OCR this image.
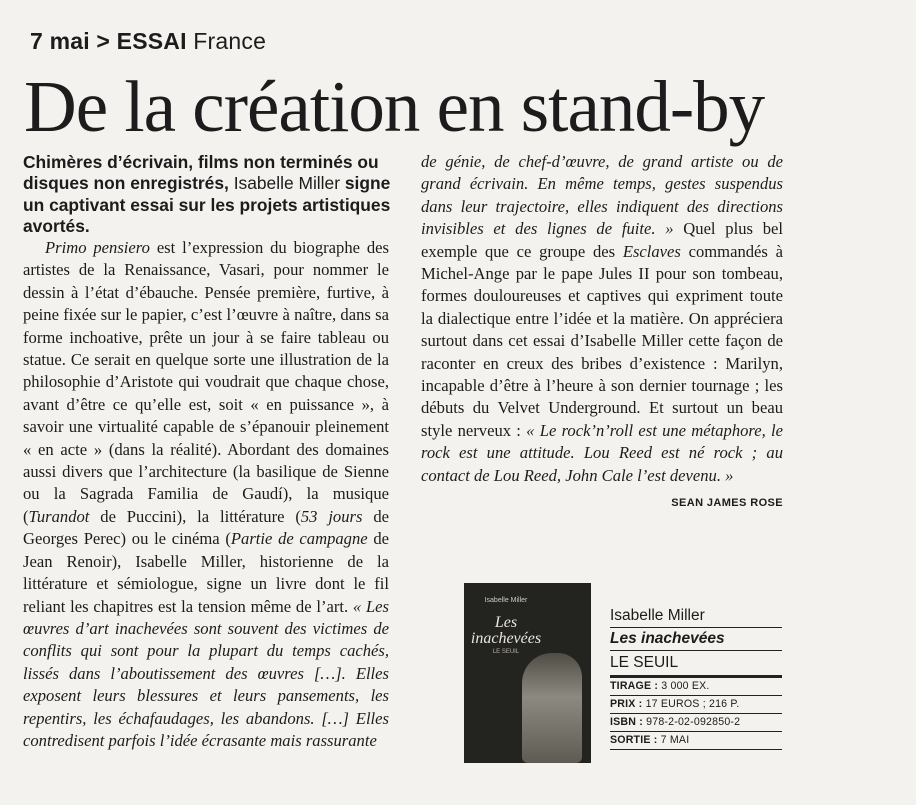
7 mai > ESSAI France
De la création en stand-by
Chimères d’écrivain, films non terminés ou disques non enregistrés, Isabelle Miller signe un captivant essai sur les projets artistiques avortés.

Primo pensiero est l’expression du biographe des artistes de la Renaissance, Vasari, pour nommer le dessin à l’état d’ébauche. Pensée première, furtive, à peine fixée sur le papier, c’est l’œuvre à naître, dans sa forme inchoative, prête un jour à se faire tableau ou statue. Ce serait en quelque sorte une illustration de la philosophie d’Aristote qui voudrait que chaque chose, avant d’être ce qu’elle est, soit « en puissance », à savoir une virtualité capable de s’épanouir pleinement « en acte » (dans la réalité). Abordant des domaines aussi divers que l’architecture (la basilique de Sienne ou la Sagrada Familia de Gaudí), la musique (Turandot de Puccini), la littérature (53 jours de Georges Perec) ou le cinéma (Partie de campagne de Jean Renoir), Isabelle Miller, historienne de la littérature et sémiologue, signe un livre dont le fil reliant les chapitres est la tension même de l’art. « Les œuvres d’art inachevées sont souvent des victimes de conflits qui sont pour la plupart du temps cachés, lissés dans l’aboutissement des œuvres […]. Elles exposent leurs blessures et leurs pansements, les repentirs, les échafaudages, les abandons. […] Elles contredisent parfois l’idée écrasante mais rassurante

de génie, de chef-d’œuvre, de grand artiste ou de grand écrivain. En même temps, gestes suspendus dans leur trajectoire, elles indiquent des directions invisibles et des lignes de fuite. » Quel plus bel exemple que ce groupe des Esclaves commandés à Michel-Ange par le pape Jules II pour son tombeau, formes douloureuses et captives qui expriment toute la dialectique entre l’idée et la matière. On appréciera surtout dans cet essai d’Isabelle Miller cette façon de raconter en creux des bribes d’existence : Marilyn, incapable d’être à l’heure à son dernier tournage ; les débuts du Velvet Underground. Et surtout un beau style nerveux : « Le rock’n’roll est une métaphore, le rock est une attitude. Lou Reed est né rock ; au contact de Lou Reed, John Cale l’est devenu. »
SEAN JAMES ROSE

Isabelle Miller
Les inachevées
LE SEUIL
Isabelle Miller
Les inachevées
LE SEUIL
TIRAGE : 3 000 EX.
PRIX : 17 EUROS ; 216 P.
ISBN : 978-2-02-092850-2
SORTIE : 7 MAI
